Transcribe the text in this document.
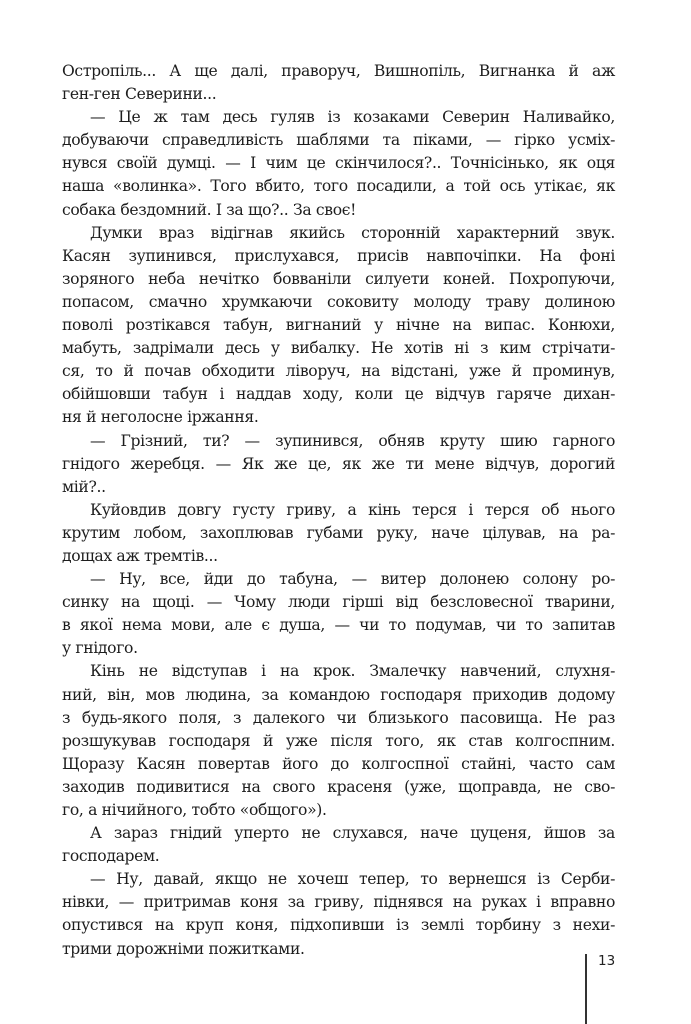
Остропіль... А ще далі, праворуч, Вишнопіль, Вигнанка й аж
ген-ген Северини...
— Це ж там десь гуляв із козаками Северин Наливайко,
добуваючи справедливість шаблями та піками, — гірко усміх-
нувся своїй думці. — І чим це скінчилося?.. Точнісінько, як оця
наша «волинка». Того вбито, того посадили, а той ось утікає, як
собака бездомний. І за що?.. За своє!
Думки враз відігнав якийсь сторонній характерний звук.
Касян зупинився, прислухався, присів навпочіпки. На фоні
зоряного неба нечітко бовваніли силуети коней. Похропуючи,
попасом, смачно хрумкаючи соковиту молоду траву долиною
поволі розтікався табун, вигнаний у нічне на випас. Конюхи,
мабуть, задрімали десь у вибалку. Не хотів ні з ким стрічати-
ся, то й почав обходити ліворуч, на відстані, уже й проминув,
обійшовши табун і наддав ходу, коли це відчув гаряче дихан-
ня й неголосне іржання.
— Грізний, ти? — зупинився, обняв круту шию гарного
гнідого жеребця. — Як же це, як же ти мене відчув, дорогий
мій?..
Куйовдив довгу густу гриву, а кінь терся і терся об нього
крутим лобом, захоплював губами руку, наче цілував, на ра-
дощах аж тремтів...
— Ну, все, йди до табуна, — витер долонею солону ро-
синку на щоці. — Чому люди гірші від безсловесної тварини,
в якої нема мови, але є душа, — чи то подумав, чи то запитав
у гнідого.
Кінь не відступав і на крок. Змалечку навчений, слухня-
ний, він, мов людина, за командою господаря приходив додому
з будь-якого поля, з далекого чи близького пасовища. Не раз
розшукував господаря й уже після того, як став колгоспним.
Щоразу Касян повертав його до колгоспної стайні, часто сам
заходив подивитися на свого красеня (уже, щоправда, не сво-
го, а нічийного, тобто «общого»).
А зараз гнідий уперто не слухався, наче цуценя, йшов за
господарем.
— Ну, давай, якщо не хочеш тепер, то вернешся із Серби-
нівки, — притримав коня за гриву, піднявся на руках і вправно
опустився на круп коня, підхопивши із землі торбину з нехи-
трими дорожніми пожитками.
13
